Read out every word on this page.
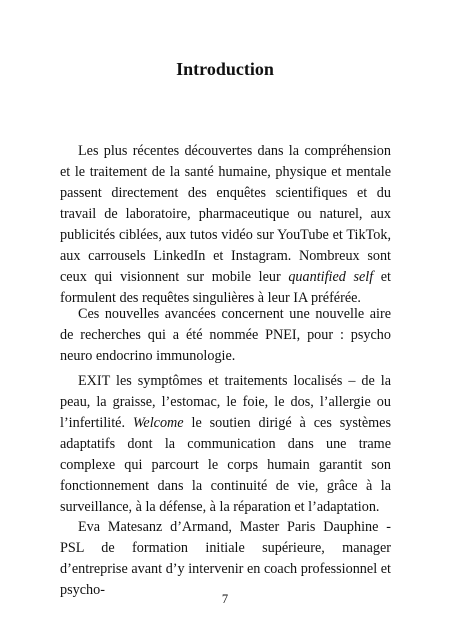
Introduction

Les plus récentes découvertes dans la compréhension et le traitement de la santé humaine, physique et mentale passent directement des enquêtes scientifiques et du travail de laboratoire, pharmaceutique ou naturel, aux publicités ciblées, aux tutos vidéo sur YouTube et TikTok, aux carrousels LinkedIn et Instagram. Nombreux sont ceux qui visionnent sur mobile leur quantified self et formulent des requêtes singulières à leur IA préférée.

Ces nouvelles avancées concernent une nouvelle aire de recherches qui a été nommée PNEI, pour : psycho neuro endocrino immunologie.

EXIT les symptômes et traitements localisés – de la peau, la graisse, l’estomac, le foie, le dos, l’allergie ou l’infertilité. Welcome le soutien dirigé à ces systèmes adaptatifs dont la communication dans une trame complexe qui parcourt le corps humain garantit son fonctionnement dans la continuité de vie, grâce à la surveillance, à la défense, à la réparation et l’adaptation.

Eva Matesanz d’Armand, Master Paris Dauphine - PSL de formation initiale supérieure, manager d’entreprise avant d’y intervenir en coach professionnel et psycho-

7
